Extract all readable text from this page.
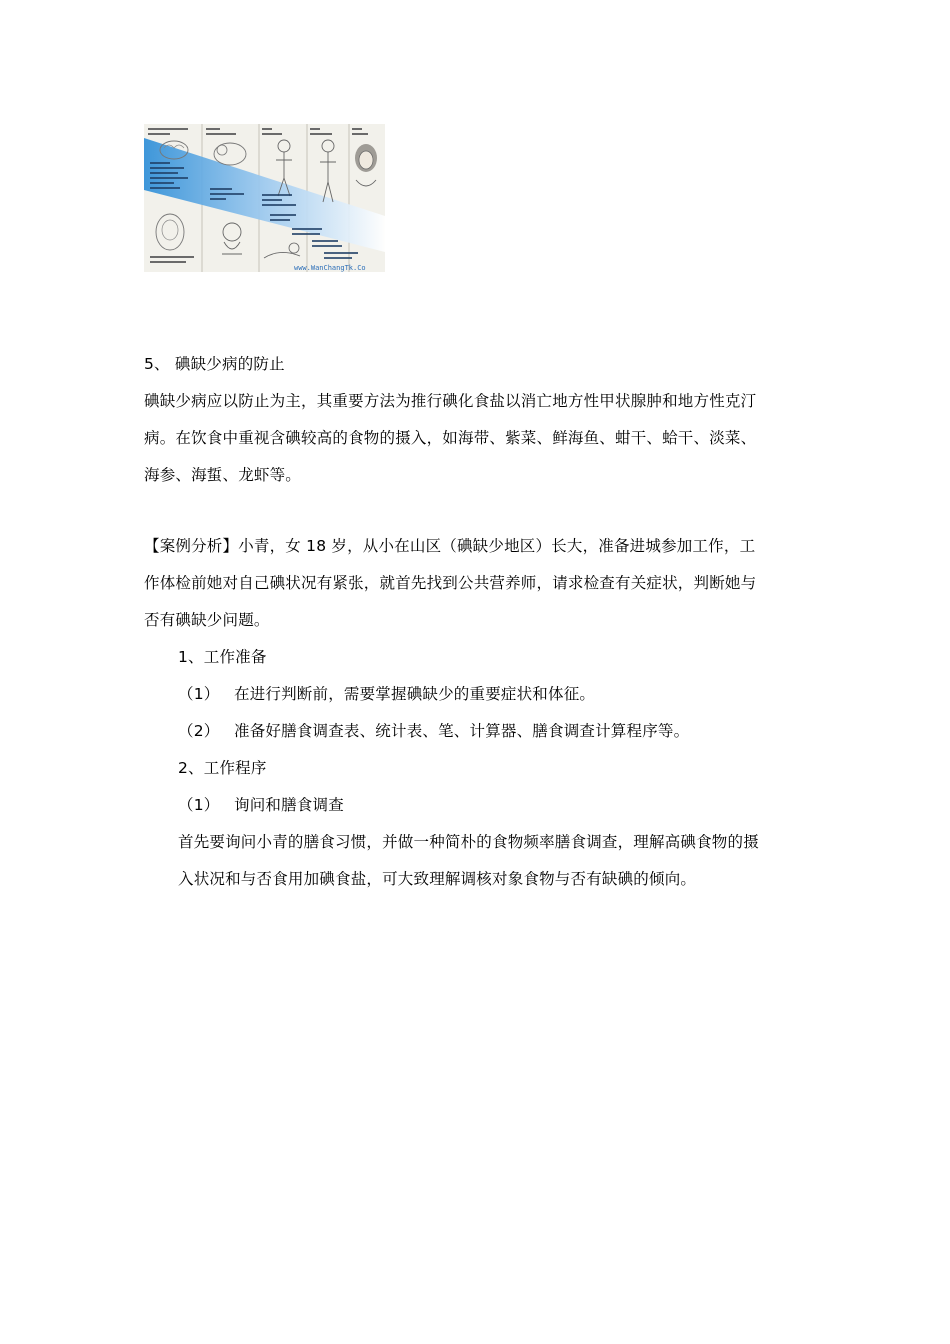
www.WanChangTk.Co
5、 碘缺少病的防止
碘缺少病应以防止为主，其重要方法为推行碘化食盐以消亡地方性甲状腺肿和地方性克汀
病。在饮食中重视含碘较高的食物的摄入，如海带、紫菜、鲜海鱼、蚶干、蛤干、淡菜、
海参、海蜇、龙虾等。
【案例分析】小青，女 18 岁，从小在山区（碘缺少地区）长大，准备进城参加工作，工
作体检前她对自己碘状况有紧张，就首先找到公共营养师，请求检查有关症状，判断她与
否有碘缺少问题。
1、工作准备
（1） 在进行判断前，需要掌握碘缺少的重要症状和体征。
（2） 准备好膳食调查表、统计表、笔、计算器、膳食调查计算程序等。
2、工作程序
（1） 询问和膳食调查
首先要询问小青的膳食习惯，并做一种简朴的食物频率膳食调查，理解高碘食物的摄
入状况和与否食用加碘食盐，可大致理解调核对象食物与否有缺碘的倾向。
